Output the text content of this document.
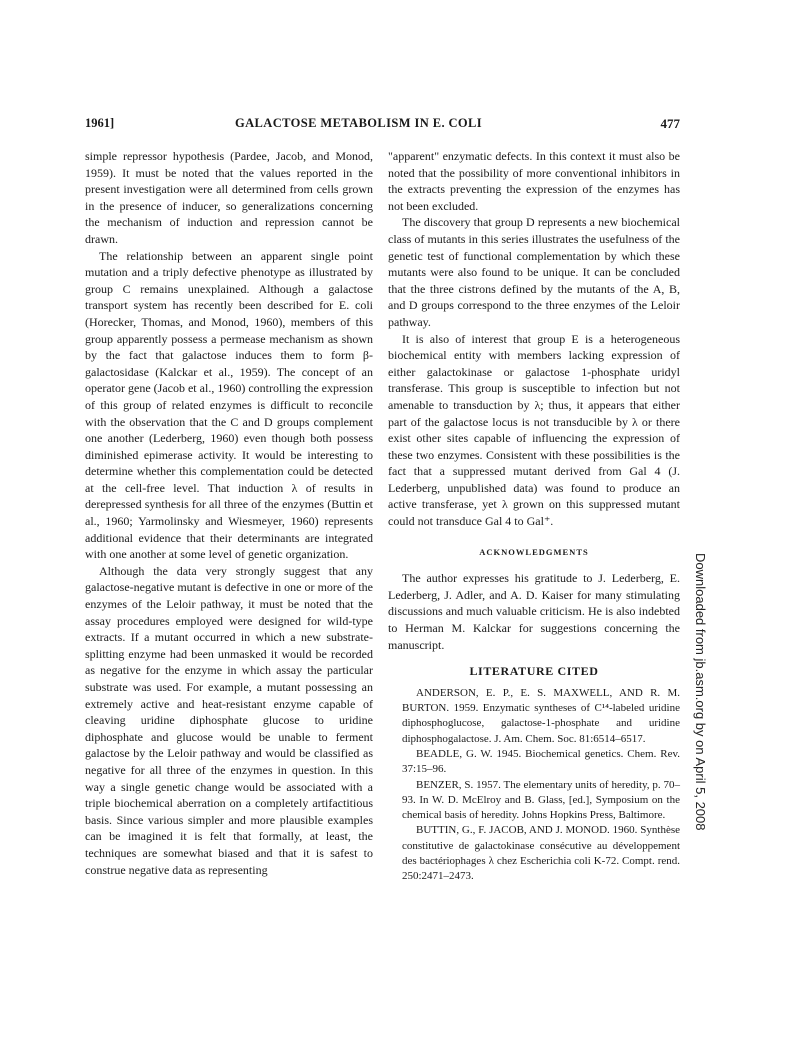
1961]	GALACTOSE METABOLISM IN E. COLI	477

simple repressor hypothesis (Pardee, Jacob, and Monod, 1959). It must be noted that the values reported in the present investigation were all determined from cells grown in the presence of inducer, so generalizations concerning the mechanism of induction and repression cannot be drawn.

The relationship between an apparent single point mutation and a triply defective phenotype as illustrated by group C remains unexplained. Although a galactose transport system has recently been described for E. coli (Horecker, Thomas, and Monod, 1960), members of this group apparently possess a permease mechanism as shown by the fact that galactose induces them to form β-galactosidase (Kalckar et al., 1959). The concept of an operator gene (Jacob et al., 1960) controlling the expression of this group of related enzymes is difficult to reconcile with the observation that the C and D groups complement one another (Lederberg, 1960) even though both possess diminished epimerase activity. It would be interesting to determine whether this complementation could be detected at the cell-free level. That induction λ of results in derepressed synthesis for all three of the enzymes (Buttin et al., 1960; Yarmolinsky and Wiesmeyer, 1960) represents additional evidence that their determinants are integrated with one another at some level of genetic organization.

Although the data very strongly suggest that any galactose-negative mutant is defective in one or more of the enzymes of the Leloir pathway, it must be noted that the assay procedures employed were designed for wild-type extracts. If a mutant occurred in which a new substrate-splitting enzyme had been unmasked it would be recorded as negative for the enzyme in which assay the particular substrate was used. For example, a mutant possessing an extremely active and heat-resistant enzyme capable of cleaving uridine diphosphate glucose to uridine diphosphate and glucose would be unable to ferment galactose by the Leloir pathway and would be classified as negative for all three of the enzymes in question. In this way a single genetic change would be associated with a triple biochemical aberration on a completely artifactitious basis. Since various simpler and more plausible examples can be imagined it is felt that formally, at least, the techniques are somewhat biased and that it is safest to construe negative data as representing

"apparent" enzymatic defects. In this context it must also be noted that the possibility of more conventional inhibitors in the extracts preventing the expression of the enzymes has not been excluded.

The discovery that group D represents a new biochemical class of mutants in this series illustrates the usefulness of the genetic test of functional complementation by which these mutants were also found to be unique. It can be concluded that the three cistrons defined by the mutants of the A, B, and D groups correspond to the three enzymes of the Leloir pathway.

It is also of interest that group E is a heterogeneous biochemical entity with members lacking expression of either galactokinase or galactose 1-phosphate uridyl transferase. This group is susceptible to infection but not amenable to transduction by λ; thus, it appears that either part of the galactose locus is not transducible by λ or there exist other sites capable of influencing the expression of these two enzymes. Consistent with these possibilities is the fact that a suppressed mutant derived from Gal 4 (J. Lederberg, unpublished data) was found to produce an active transferase, yet λ grown on this suppressed mutant could not transduce Gal 4 to Gal⁺.

ACKNOWLEDGMENTS

The author expresses his gratitude to J. Lederberg, E. Lederberg, J. Adler, and A. D. Kaiser for many stimulating discussions and much valuable criticism. He is also indebted to Herman M. Kalckar for suggestions concerning the manuscript.

LITERATURE CITED

ANDERSON, E. P., E. S. MAXWELL, AND R. M. BURTON. 1959. Enzymatic syntheses of C¹⁴-labeled uridine diphosphoglucose, galactose-1-phosphate and uridine diphosphogalactose. J. Am. Chem. Soc. 81:6514–6517.

BEADLE, G. W. 1945. Biochemical genetics. Chem. Rev. 37:15–96.

BENZER, S. 1957. The elementary units of heredity, p. 70–93. In W. D. McElroy and B. Glass, [ed.], Symposium on the chemical basis of heredity. Johns Hopkins Press, Baltimore.

BUTTIN, G., F. JACOB, AND J. MONOD. 1960. Synthèse constitutive de galactokinase consécutive au développement des bactériophages λ chez Escherichia coli K-72. Compt. rend. 250:2471–2473.

Downloaded from jb.asm.org by on April 5, 2008
